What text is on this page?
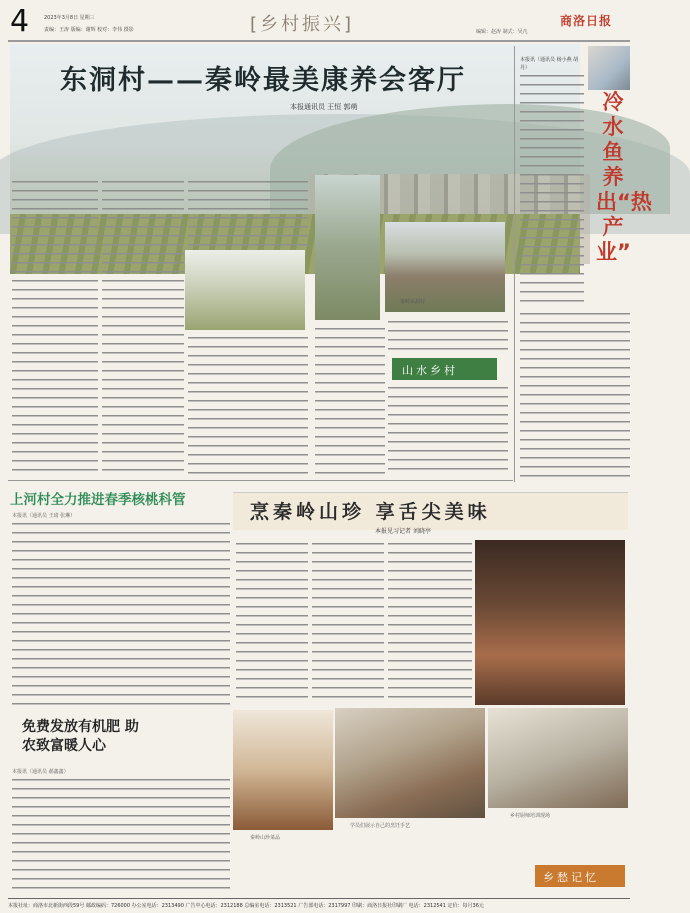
4	2023年3月8日 星期三
责编：王涛 版编：谢辉 校对：李伟 摄影	[乡村振兴]	编辑：赵涛 制式：吴凡
商洛日报
东洞村——秦岭最美康养会客厅
本报通讯员 王恒 郭萌
秦岭东洞村
山水乡村
本报讯（通讯员 杨小燕 胡丹）
冷水鱼养出“热产业”
上河村全力推进春季核桃科管
本报讯（通讯员 王琦 张琳）
免费发放有机肥 助农致富暖人心
本报讯（通讯员 郝鑫鑫）
烹秦岭山珍 享舌尖美味
本报见习记者 刘晓亭
秦岭山珍菜品
学员们展示自己的烹饪手艺
乡村厨师培训现场
乡愁记忆
本报社址：商洛市北新街西段59号 邮政编码：726000 办公室电话：2313490 广告中心电话：2312188 总编室电话：2313521 广告部电话：2317997 印刷：商洛日报社印刷厂 电话：2312541 定价：每月36元
